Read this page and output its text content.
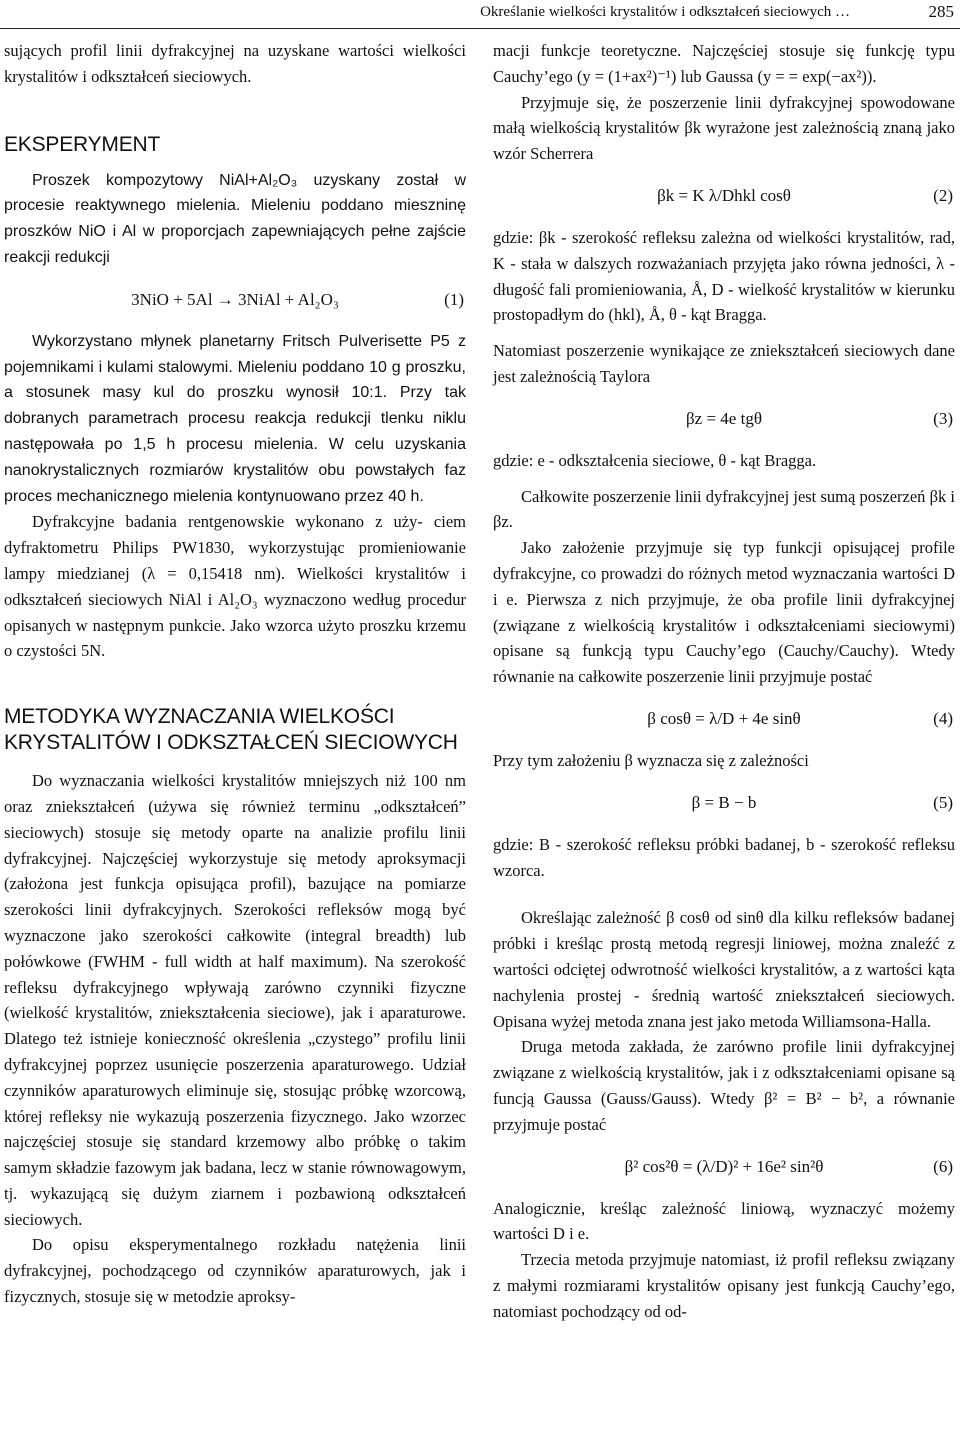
Określanie wielkości krystalitów i odkształceń sieciowych …	285

sujących profil linii dyfrakcyjnej na uzyskane wartości wielkości krystalitów i odkształceń sieciowych.

EKSPERYMENT

Proszek kompozytowy NiAl+Al₂O₃ uzyskany został w procesie reaktywnego mielenia. Mieleniu poddano mieszninę proszków NiO i Al w proporcjach zapewniających pełne zajście reakcji redukcji

3NiO + 5Al → 3NiAl + Al₂O₃	(1)

Wykorzystano młynek planetarny Fritsch Pulverisette P5 z pojemnikami i kulami stalowymi. Mieleniu poddano 10 g proszku, a stosunek masy kul do proszku wynosił 10:1. Przy tak dobranych parametrach procesu reakcja redukcji tlenku niklu następowała po 1,5 h procesu mielenia. W celu uzyskania nanokrystalicznych rozmiarów krystalitów obu powstałych faz proces mechanicznego mielenia kontynuowano przez 40 h.

Dyfrakcyjne badania rentgenowskie wykonano z uży- ciem dyfraktometru Philips PW1830, wykorzystując promieniowanie lampy miedzianej (λ = 0,15418 nm). Wielkości krystalitów i odkształceń sieciowych NiAl i Al₂O₃ wyznaczono według procedur opisanych w następnym punkcie. Jako wzorca użyto proszku krzemu o czystości 5N.

METODYKA WYZNACZANIA WIELKOŚCI KRYSTALITÓW I ODKSZTAŁCEŃ SIECIOWYCH

Do wyznaczania wielkości krystalitów mniejszych niż 100 nm oraz zniekształceń (używa się również terminu „odkształceń” sieciowych) stosuje się metody oparte na analizie profilu linii dyfrakcyjnej. Najczęściej wykorzystuje się metody aproksymacji (założona jest funkcja opisująca profil), bazujące na pomiarze szerokości linii dyfrakcyjnych. Szerokości refleksów mogą być wyznaczone jako szerokości całkowite (integral breadth) lub połówkowe (FWHM - full width at half maximum). Na szerokość refleksu dyfrakcyjnego wpływają zarówno czynniki fizyczne (wielkość krystalitów, zniekształcenia sieciowe), jak i aparaturowe. Dlatego też istnieje konieczność określenia „czystego” profilu linii dyfrakcyjnej poprzez usunięcie poszerzenia aparaturowego. Udział czynników aparaturowych eliminuje się, stosując próbkę wzorcową, której refleksy nie wykazują poszerzenia fizycznego. Jako wzorzec najczęściej stosuje się standard krzemowy albo próbkę o takim samym składzie fazowym jak badana, lecz w stanie równowagowym, tj. wykazującą się dużym ziarnem i pozbawioną odkształceń sieciowych.

Do opisu eksperymentalnego rozkładu natężenia linii dyfrakcyjnej, pochodzącego od czynników aparaturowych, jak i fizycznych, stosuje się w metodzie aproksy-

macji funkcje teoretyczne. Najczęściej stosuje się funkcję typu Cauchy’ego (y = (1+ax²)⁻¹) lub Gaussa (y = = exp(−ax²)).

Przyjmuje się, że poszerzenie linii dyfrakcyjnej spowodowane małą wielkością krystalitów βk wyrażone jest zależnością znaną jako wzór Scherrera

βk = K λ/Dhkl cosθ	(2)

gdzie: βk - szerokość refleksu zależna od wielkości krystalitów, rad, K - stała w dalszych rozważaniach przyjęta jako równa jedności, λ - długość fali promieniowania, Å, D - wielkość krystalitów w kierunku prostopadłym do (hkl), Å, θ - kąt Bragga.

Natomiast poszerzenie wynikające ze zniekształceń sieciowych dane jest zależnością Taylora

βz = 4e tgθ	(3)

gdzie: e - odkształcenia sieciowe, θ - kąt Bragga.

Całkowite poszerzenie linii dyfrakcyjnej jest sumą poszerzeń βk i βz.

Jako założenie przyjmuje się typ funkcji opisującej profile dyfrakcyjne, co prowadzi do różnych metod wyznaczania wartości D i e. Pierwsza z nich przyjmuje, że oba profile linii dyfrakcyjnej (związane z wielkością krystalitów i odkształceniami sieciowymi) opisane są funkcją typu Cauchy’ego (Cauchy/Cauchy). Wtedy równanie na całkowite poszerzenie linii przyjmuje postać

β cosθ = λ/D + 4e sinθ	(4)

Przy tym założeniu β wyznacza się z zależności

β = B − b	(5)

gdzie: B - szerokość refleksu próbki badanej, b - szerokość refleksu wzorca.

Określając zależność β cosθ od sinθ dla kilku refleksów badanej próbki i kreśląc prostą metodą regresji liniowej, można znaleźć z wartości odciętej odwrotność wielkości krystalitów, a z wartości kąta nachylenia prostej - średnią wartość zniekształceń sieciowych. Opisana wyżej metoda znana jest jako metoda Williamsona-Halla.

Druga metoda zakłada, że zarówno profile linii dyfrakcyjnej związane z wielkością krystalitów, jak i z odkształceniami opisane są funcją Gaussa (Gauss/Gauss). Wtedy β² = B² − b², a równanie przyjmuje postać

β² cos²θ = (λ/D)² + 16e² sin²θ	(6)

Analogicznie, kreśląc zależność liniową, wyznaczyć możemy wartości D i e.

Trzecia metoda przyjmuje natomiast, iż profil refleksu związany z małymi rozmiarami krystalitów opisany jest funkcją Cauchy’ego, natomiast pochodzący od od-
